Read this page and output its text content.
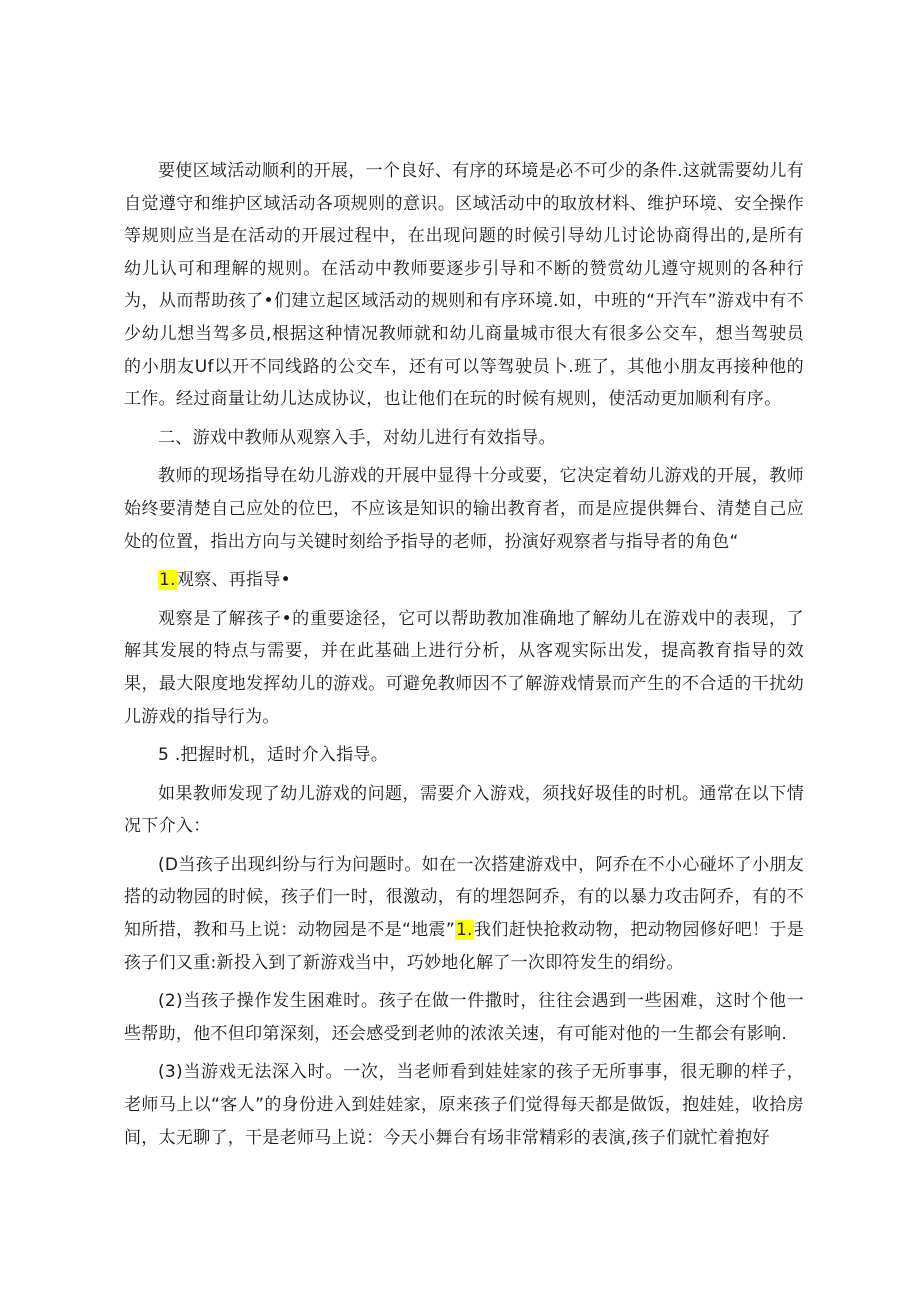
要使区域活动顺利的开展，一个良好、有序的环境是必不可少的条件.这就需要幼儿有自觉遵守和维护区域活动各项规则的意识。区域活动中的取放材料、维护环境、安全操作等规则应当是在活动的开展过程中，在出现问题的时候引导幼儿讨论协商得出的,是所有幼儿认可和理解的规则。在活动中教师要逐步引导和不断的赞赏幼儿遵守规则的各种行为，从而帮助孩了•们建立起区域活动的规则和有序环境.如，中班的“开汽车”游戏中有不少幼儿想当驾多员,根据这种情况教师就和幼儿商量城市很大有很多公交车，想当驾驶员的小朋友Uf以开不同线路的公交车，还有可以等驾驶员卜.班了，其他小朋友再接种他的工作。经过商量让幼儿达成协议，也让他们在玩的时候有规则，使活动更加顺利有序。

二、游戏中教师从观察入手，对幼儿进行有效指导。

教师的现场指导在幼儿游戏的开展中显得十分或要，它决定着幼儿游戏的开展，教师始终要清楚自己应处的位巴，不应该是知识的输出教育者，而是应提供舞台、清楚自己应处的位置，指出方向与关键时刻给予指导的老师，扮演好观察者与指导者的角色“

1.观察、再指导•

观察是了解孩子•的重要途径，它可以帮助教加准确地了解幼儿在游戏中的表现，了解其发展的特点与需要，并在此基础上进行分析，从客观实际出发，提高教育指导的效果，最大限度地发挥幼儿的游戏。可避免教师因不了解游戏情景而产生的不合适的干扰幼儿游戏的指导行为。

5 .把握时机，适时介入指导。

如果教师发现了幼儿游戏的问题，需要介入游戏，须找好圾佳的时机。通常在以下情况下介入：

(D当孩子出现纠纷与行为问题时。如在一次搭建游戏中，阿乔在不小心碰坏了小朋友搭的动物园的时候，孩子们一时，很激动，有的埋怨阿乔，有的以暴力攻击阿乔，有的不知所措，教和马上说：动物园是不是“地震”1.我们赶快抢救动物，把动物园修好吧！于是孩子们又重:新投入到了新游戏当中，巧妙地化解了一次即符发生的绢纷。

(2)当孩子操作发生困难时。孩子在做一件撒时，往往会遇到一些困难，这时个他一些帮助，他不但印第深刻，还会感受到老帅的浓浓关速，有可能对他的一生都会有影响.

(3)当游戏无法深入时。一次，当老师看到娃娃家的孩子无所事事，很无聊的样子，老师马上以“客人”的身份进入到娃娃家，原来孩子们觉得每天都是做饭，抱娃娃，收拾房间，太无聊了，干是老师马上说：今天小舞台有场非常精彩的表演,孩子们就忙着抱好
